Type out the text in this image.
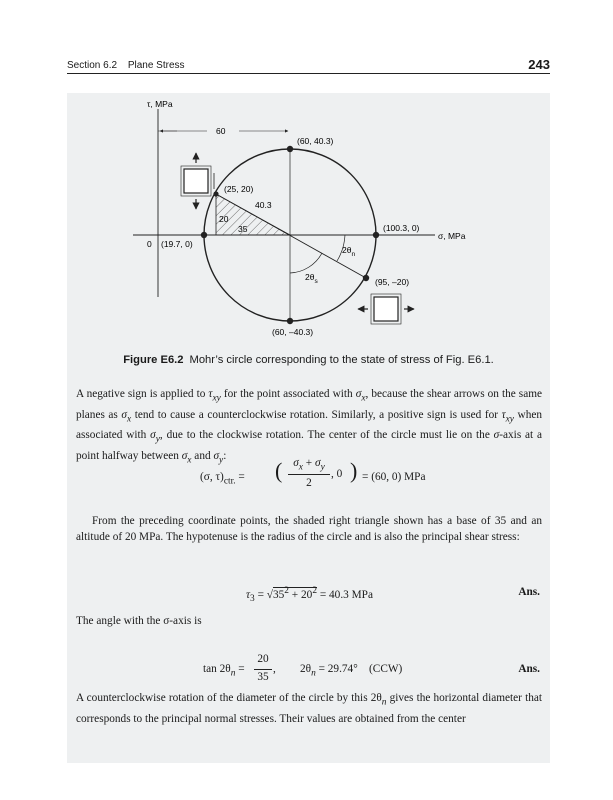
Section 6.2 Plane Stress	243
τ, MPa
σ, MPa
0
60
(60, 40.3)
(25, 20)
(19.7, 0)
(100.3, 0)
(95, –20)
(60, –40.3)
40.3
20
35
$2\theta_n$
$2\theta_s$
Figure E6.2 Mohr’s circle corresponding to the state of stress of Fig. E6.1.
A negative sign is applied to $\tau_{xy}$ for the point associated with $\sigma_x$, because the shear arrows on the same planes as $\sigma_x$ tend to cause a counterclockwise rotation. Similarly, a positive sign is used for $\tau_{xy}$ when associated with $\sigma_y$, due to the clockwise rotation. The center of the circle must lie on the σ-axis at a point halfway between $\sigma_x$ and $\sigma_y$:
(σ, $\tau)_{ctr.}$ = ( $\sigma_x + \sigma_y$
2
, 0 ) = (60, 0) MPa
From the preceding coordinate points, the shaded right triangle shown has a base of 35 and an altitude of 20 MPa. The hypotenuse is the radius of the circle and is also the principal shear stress:
$\tau_3 = √35^2 + 20^2 = 40.3$ MPa	Ans.
The angle with the σ-axis is
$\tan 2\theta_n$ =
20
35
, $2\theta_n = 29.74^\circ$ (CCW)	Ans.
A counterclockwise rotation of the diameter of the circle by this $2\theta_n$ gives the horizontal diameter that corresponds to the principal normal stresses. Their values are obtained from the center
